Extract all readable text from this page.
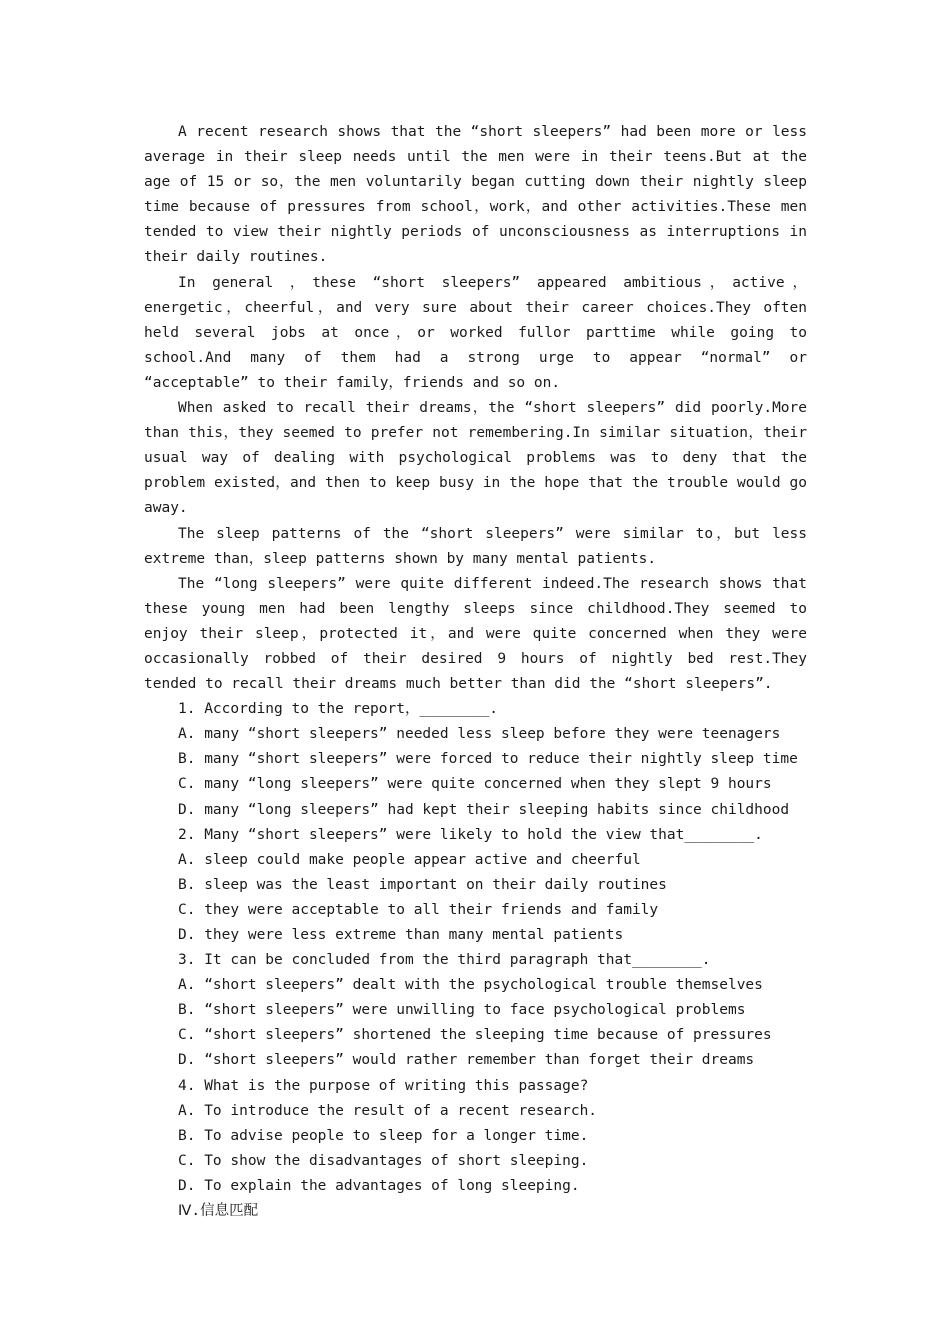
A recent research shows that the “short sleepers” had been more or less average in their sleep needs until the men were in their teens.But at the age of 15 or so，the men voluntarily began cutting down their nightly sleep time because of pressures from school，work，and other activities.These men tended to view their nightly periods of unconsciousness as interruptions in their daily routines.

In general ，these “short sleepers” appeared ambitious，active，energetic，cheerful，and very sure about their career choices.They often held several jobs at once，or worked fullor parttime while going to school.And many of them had a strong urge to appear “normal” or “acceptable” to their family，friends and so on.

When asked to recall their dreams，the “short sleepers” did poorly.More than this，they seemed to prefer not remembering.In similar situation，their usual way of dealing with psychological problems was to deny that the problem existed，and then to keep busy in the hope that the trouble would go away.

The sleep patterns of the “short sleepers” were similar to，but less extreme than，sleep patterns shown by many mental patients.

The “long sleepers” were quite different indeed.The research shows that these young men had been lengthy sleeps since childhood.They seemed to enjoy their sleep，protected it，and were quite concerned when they were occasionally robbed of their desired 9 hours of nightly bed rest.They tended to recall their dreams much better than did the “short sleepers”.

1. According to the report，________.

A. many “short sleepers” needed less sleep before they were teenagers

B. many “short sleepers” were forced to reduce their nightly sleep time

C. many “long sleepers” were quite concerned when they slept 9 hours

D. many “long sleepers” had kept their sleeping habits since childhood

2. Many “short sleepers” were likely to hold the view that________.

A. sleep could make people appear active and cheerful

B. sleep was the least important on their daily routines

C. they were acceptable to all their friends and family

D. they were less extreme than many mental patients

3. It can be concluded from the third paragraph that________.

A. “short sleepers” dealt with the psychological trouble themselves

B. “short sleepers” were unwilling to face psychological problems

C. “short sleepers” shortened the sleeping time because of pressures

D. “short sleepers” would rather remember than forget their dreams

4. What is the purpose of writing this passage?

A. To introduce the result of a recent research.

B. To advise people to sleep for a longer time.

C. To show the disadvantages of short sleeping.

D. To explain the advantages of long sleeping.

Ⅳ.信息匹配
